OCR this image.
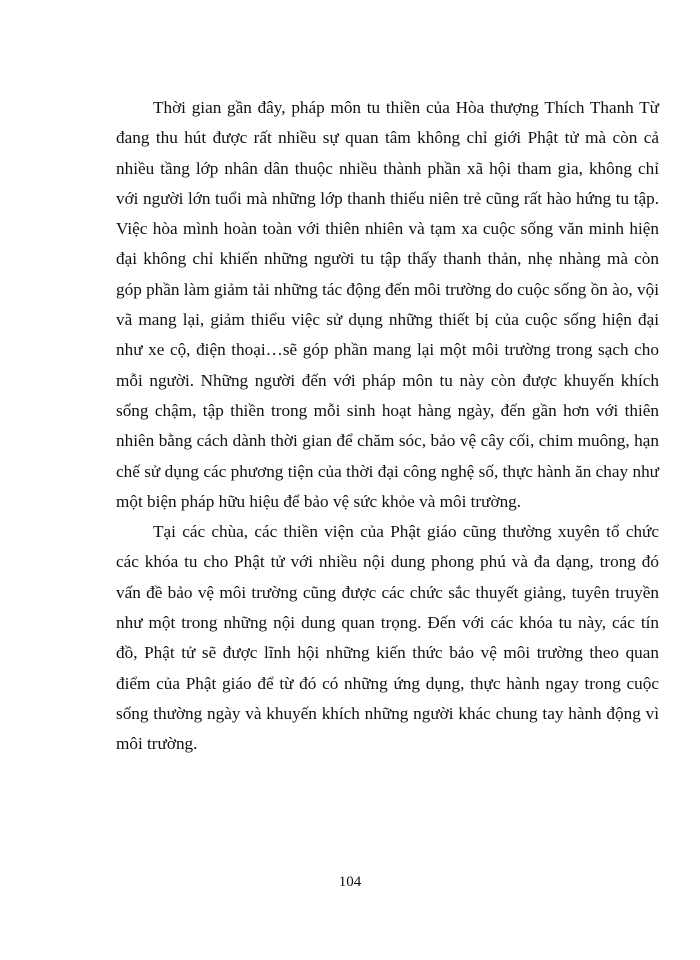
Thời gian gần đây, pháp môn tu thiền của Hòa thượng Thích Thanh Từ đang thu hút được rất nhiều sự quan tâm không chỉ giới Phật tử mà còn cả nhiều tầng lớp nhân dân thuộc nhiều thành phần xã hội tham gia, không chỉ với người lớn tuổi mà những lớp thanh thiếu niên trẻ cũng rất hào hứng tu tập. Việc hòa mình hoàn toàn với thiên nhiên và tạm xa cuộc sống văn minh hiện đại không chỉ khiến những người tu tập thấy thanh thản, nhẹ nhàng mà còn góp phần làm giảm tải những tác động đến môi trường do cuộc sống ồn ào, vội vã mang lại, giảm thiểu việc sử dụng những thiết bị của cuộc sống hiện đại như xe cộ, điện thoại…sẽ góp phần mang lại một môi trường trong sạch cho mỗi người. Những người đến với pháp môn tu này còn được khuyến khích sống chậm, tập thiền trong mỗi sinh hoạt hàng ngày, đến gần hơn với thiên nhiên bằng cách dành thời gian để chăm sóc, bảo vệ cây cối, chim muông, hạn chế sử dụng các phương tiện của thời đại công nghệ số, thực hành ăn chay như một biện pháp hữu hiệu để bảo vệ sức khỏe và môi trường.

Tại các chùa, các thiền viện của Phật giáo cũng thường xuyên tổ chức các khóa tu cho Phật tử với nhiều nội dung phong phú và đa dạng, trong đó vấn đề bảo vệ môi trường cũng được các chức sắc thuyết giảng, tuyên truyền như một trong những nội dung quan trọng. Đến với các khóa tu này, các tín đồ, Phật tử sẽ được lĩnh hội những kiến thức bảo vệ môi trường theo quan điểm của Phật giáo để từ đó có những ứng dụng, thực hành ngay trong cuộc sống thường ngày và khuyến khích những người khác chung tay hành động vì môi trường.

104
